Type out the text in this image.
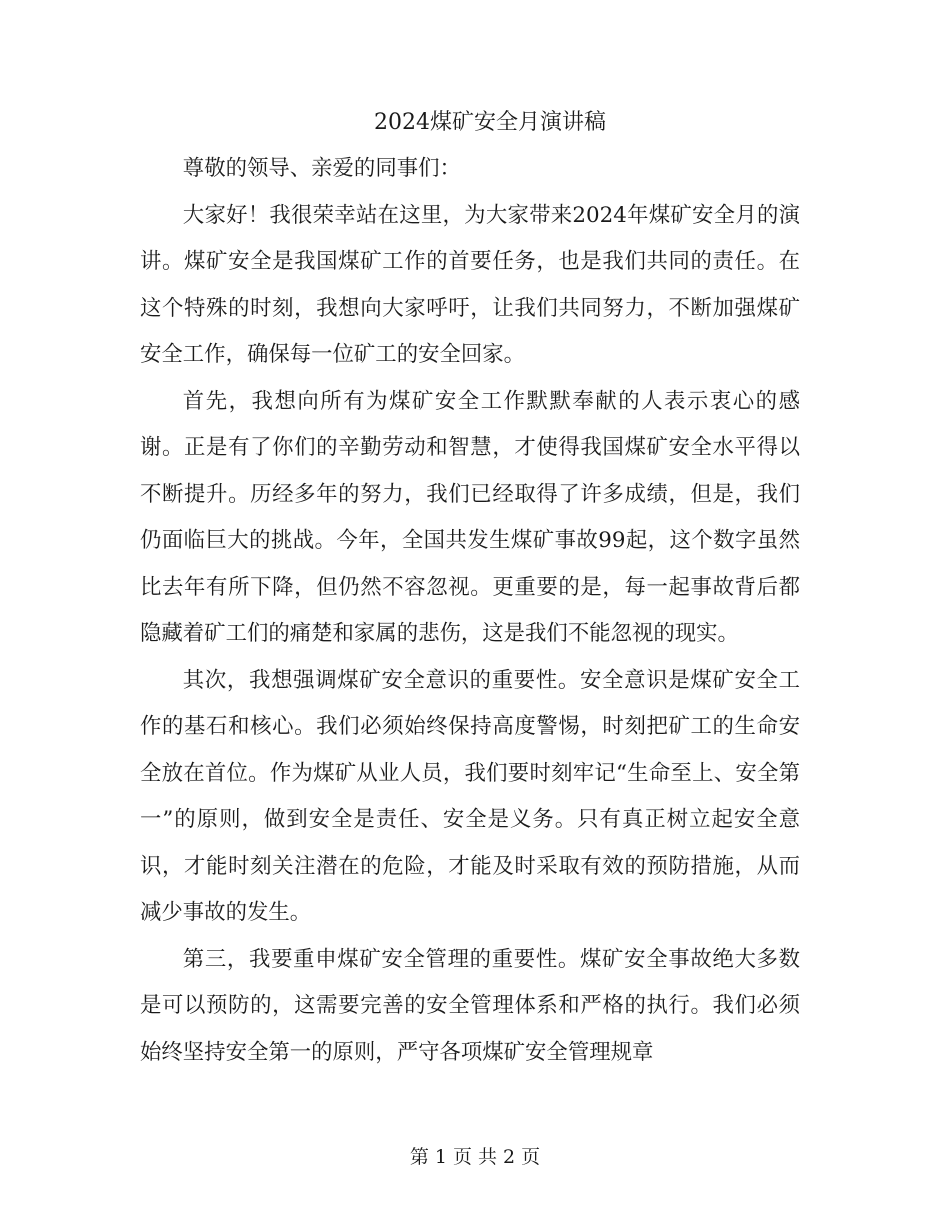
2024煤矿安全月演讲稿

尊敬的领导、亲爱的同事们：

大家好！我很荣幸站在这里，为大家带来2024年煤矿安全月的演讲。煤矿安全是我国煤矿工作的首要任务，也是我们共同的责任。在这个特殊的时刻，我想向大家呼吁，让我们共同努力，不断加强煤矿安全工作，确保每一位矿工的安全回家。

首先，我想向所有为煤矿安全工作默默奉献的人表示衷心的感谢。正是有了你们的辛勤劳动和智慧，才使得我国煤矿安全水平得以不断提升。历经多年的努力，我们已经取得了许多成绩，但是，我们仍面临巨大的挑战。今年，全国共发生煤矿事故99起，这个数字虽然比去年有所下降，但仍然不容忽视。更重要的是，每一起事故背后都隐藏着矿工们的痛楚和家属的悲伤，这是我们不能忽视的现实。

其次，我想强调煤矿安全意识的重要性。安全意识是煤矿安全工作的基石和核心。我们必须始终保持高度警惕，时刻把矿工的生命安全放在首位。作为煤矿从业人员，我们要时刻牢记“生命至上、安全第一”的原则，做到安全是责任、安全是义务。只有真正树立起安全意识，才能时刻关注潜在的危险，才能及时采取有效的预防措施，从而减少事故的发生。

第三，我要重申煤矿安全管理的重要性。煤矿安全事故绝大多数是可以预防的，这需要完善的安全管理体系和严格的执行。我们必须始终坚持安全第一的原则，严守各项煤矿安全管理规章

第 1 页 共 2 页
